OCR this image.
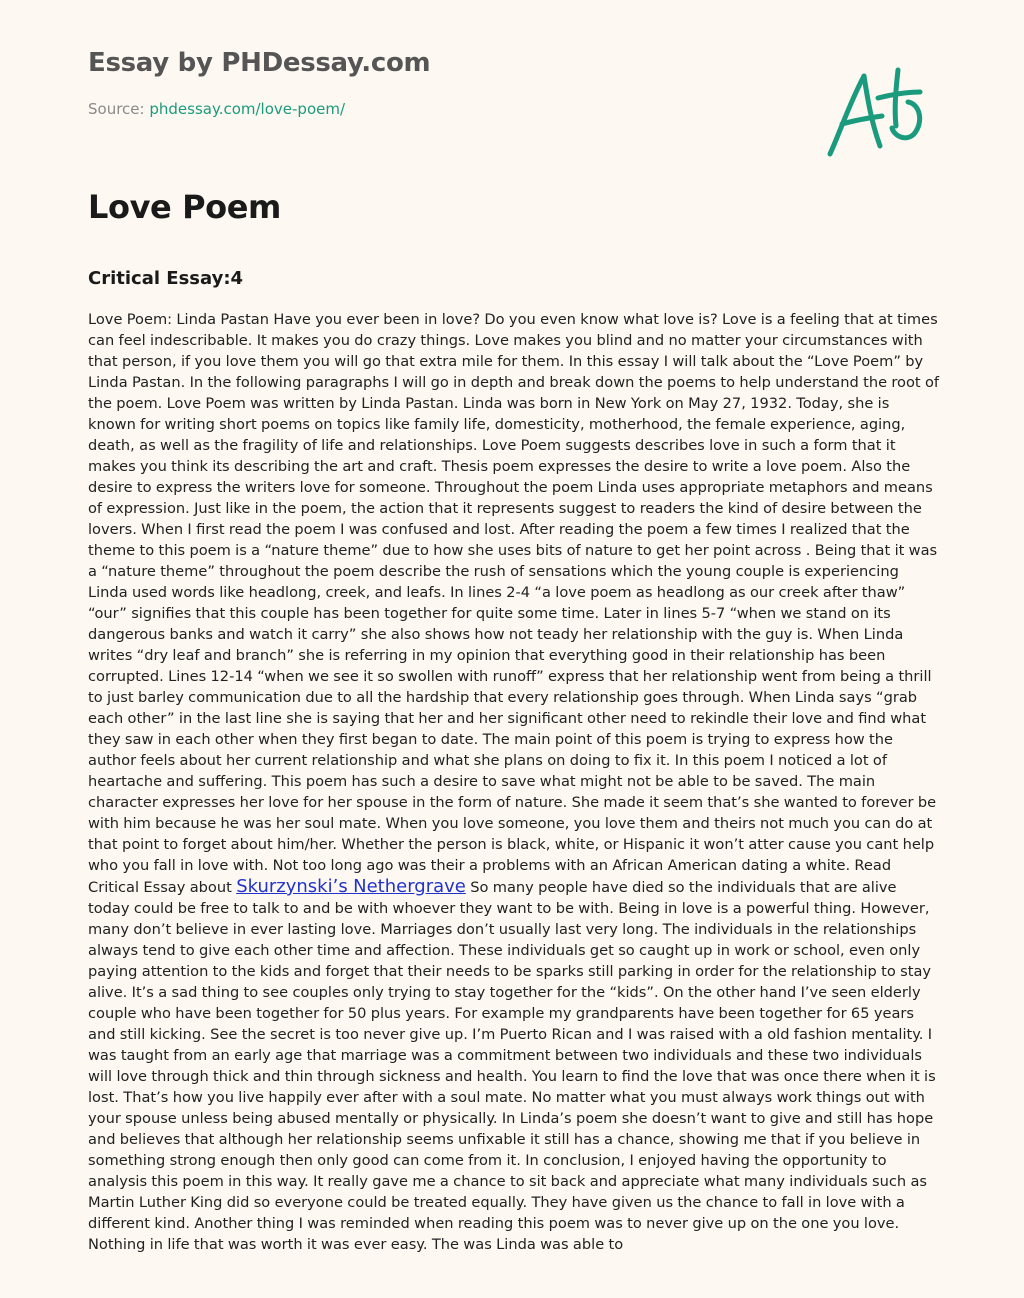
Essay by PHDessay.com
Source: phdessay.com/love-poem/
Love Poem
Critical Essay:4

Love Poem: Linda Pastan Have you ever been in love? Do you even know what love is? Love is a feeling that at times can feel indescribable. It makes you do crazy things. Love makes you blind and no matter your circumstances with that person, if you love them you will go that extra mile for them. In this essay I will talk about the “Love Poem” by Linda Pastan. In the following paragraphs I will go in depth and break down the poems to help understand the root of the poem. Love Poem was written by Linda Pastan. Linda was born in New York on May 27, 1932. Today, she is known for writing short poems on topics like family life, domesticity, motherhood, the female experience, aging, death, as well as the fragility of life and relationships. Love Poem suggests describes love in such a form that it makes you think its describing the art and craft. Thesis poem expresses the desire to write a love poem. Also the desire to express the writers love for someone. Throughout the poem Linda uses appropriate metaphors and means of expression. Just like in the poem, the action that it represents suggest to readers the kind of desire between the lovers. When I first read the poem I was confused and lost. After reading the poem a few times I realized that the theme to this poem is a “nature theme” due to how she uses bits of nature to get her point across . Being that it was a “nature theme” throughout the poem describe the rush of sensations which the young couple is experiencing Linda used words like headlong, creek, and leafs. In lines 2-4 “a love poem as headlong as our creek after thaw” “our” signifies that this couple has been together for quite some time. Later in lines 5-7 “when we stand on its dangerous banks and watch it carry” she also shows how not teady her relationship with the guy is. When Linda writes “dry leaf and branch” she is referring in my opinion that everything good in their relationship has been corrupted. Lines 12-14 “when we see it so swollen with runoff” express that her relationship went from being a thrill to just barley communication due to all the hardship that every relationship goes through. When Linda says “grab each other” in the last line she is saying that her and her significant other need to rekindle their love and find what they saw in each other when they first began to date. The main point of this poem is trying to express how the author feels about her current relationship and what she plans on doing to fix it. In this poem I noticed a lot of heartache and suffering. This poem has such a desire to save what might not be able to be saved. The main character expresses her love for her spouse in the form of nature. She made it seem that’s she wanted to forever be with him because he was her soul mate. When you love someone, you love them and theirs not much you can do at that point to forget about him/her. Whether the person is black, white, or Hispanic it won’t atter cause you cant help who you fall in love with. Not too long ago was their a problems with an African American dating a white. Read Critical Essay about Skurzynski’s Nethergrave So many people have died so the individuals that are alive today could be free to talk to and be with whoever they want to be with. Being in love is a powerful thing. However, many don’t believe in ever lasting love. Marriages don’t usually last very long. The individuals in the relationships always tend to give each other time and affection. These individuals get so caught up in work or school, even only paying attention to the kids and forget that their needs to be sparks still parking in order for the relationship to stay alive. It’s a sad thing to see couples only trying to stay together for the “kids”. On the other hand I’ve seen elderly couple who have been together for 50 plus years. For example my grandparents have been together for 65 years and still kicking. See the secret is too never give up. I’m Puerto Rican and I was raised with a old fashion mentality. I was taught from an early age that marriage was a commitment between two individuals and these two individuals will love through thick and thin through sickness and health. You learn to find the love that was once there when it is lost. That’s how you live happily ever after with a soul mate. No matter what you must always work things out with your spouse unless being abused mentally or physically. In Linda’s poem she doesn’t want to give and still has hope and believes that although her relationship seems unfixable it still has a chance, showing me that if you believe in something strong enough then only good can come from it. In conclusion, I enjoyed having the opportunity to analysis this poem in this way. It really gave me a chance to sit back and appreciate what many individuals such as Martin Luther King did so everyone could be treated equally. They have given us the chance to fall in love with a different kind. Another thing I was reminded when reading this poem was to never give up on the one you love. Nothing in life that was worth it was ever easy. The was Linda was able to
